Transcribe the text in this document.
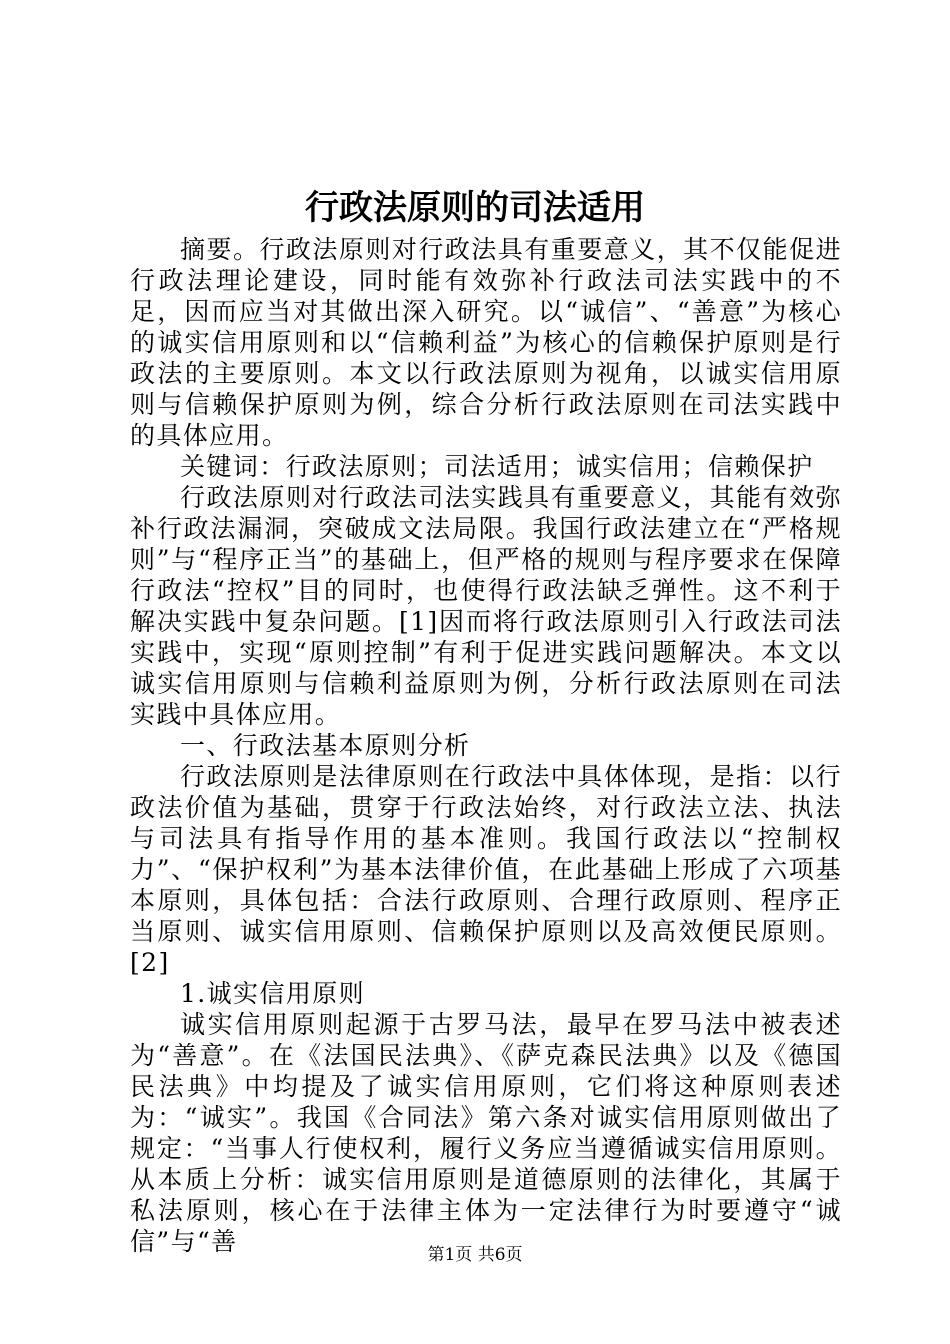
行政法原则的司法适用

摘要。行政法原则对行政法具有重要意义，其不仅能促进行政法理论建设，同时能有效弥补行政法司法实践中的不足，因而应当对其做出深入研究。以“诚信”、“善意”为核心的诚实信用原则和以“信赖利益”为核心的信赖保护原则是行政法的主要原则。本文以行政法原则为视角，以诚实信用原则与信赖保护原则为例，综合分析行政法原则在司法实践中的具体应用。

关键词：行政法原则；司法适用；诚实信用；信赖保护

行政法原则对行政法司法实践具有重要意义，其能有效弥补行政法漏洞，突破成文法局限。我国行政法建立在“严格规则”与“程序正当”的基础上，但严格的规则与程序要求在保障行政法“控权”目的同时，也使得行政法缺乏弹性。这不利于解决实践中复杂问题。[1]因而将行政法原则引入行政法司法实践中，实现“原则控制”有利于促进实践问题解决。本文以诚实信用原则与信赖利益原则为例，分析行政法原则在司法实践中具体应用。

一、行政法基本原则分析

行政法原则是法律原则在行政法中具体体现，是指：以行政法价值为基础，贯穿于行政法始终，对行政法立法、执法与司法具有指导作用的基本准则。我国行政法以“控制权力”、“保护权利”为基本法律价值，在此基础上形成了六项基本原则，具体包括：合法行政原则、合理行政原则、程序正当原则、诚实信用原则、信赖保护原则以及高效便民原则。[2]

1.诚实信用原则

诚实信用原则起源于古罗马法，最早在罗马法中被表述为“善意”。在《法国民法典》、《萨克森民法典》以及《德国民法典》中均提及了诚实信用原则，它们将这种原则表述为：“诚实”。我国《合同法》第六条对诚实信用原则做出了规定：“当事人行使权利，履行义务应当遵循诚实信用原则。从本质上分析：诚实信用原则是道德原则的法律化，其属于私法原则，核心在于法律主体为一定法律行为时要遵守“诚信”与“善	第1页 共6页
